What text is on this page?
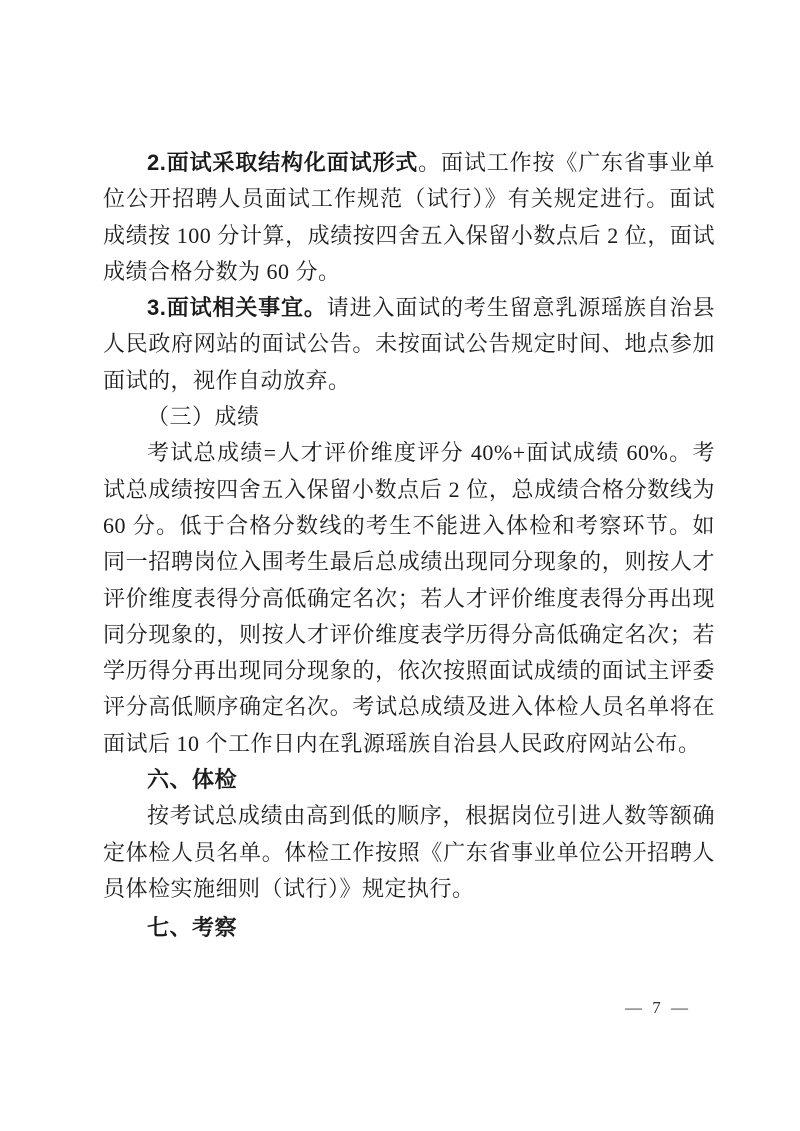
2.面试采取结构化面试形式。面试工作按《广东省事业单位公开招聘人员面试工作规范（试行）》有关规定进行。面试成绩按 100 分计算，成绩按四舍五入保留小数点后 2 位，面试成绩合格分数为 60 分。

3.面试相关事宜。请进入面试的考生留意乳源瑶族自治县人民政府网站的面试公告。未按面试公告规定时间、地点参加面试的，视作自动放弃。

（三）成绩

考试总成绩=人才评价维度评分 40%+面试成绩 60%。考试总成绩按四舍五入保留小数点后 2 位，总成绩合格分数线为 60 分。低于合格分数线的考生不能进入体检和考察环节。如同一招聘岗位入围考生最后总成绩出现同分现象的，则按人才评价维度表得分高低确定名次；若人才评价维度表得分再出现同分现象的，则按人才评价维度表学历得分高低确定名次；若学历得分再出现同分现象的，依次按照面试成绩的面试主评委评分高低顺序确定名次。考试总成绩及进入体检人员名单将在面试后 10 个工作日内在乳源瑶族自治县人民政府网站公布。

六、体检

按考试总成绩由高到低的顺序，根据岗位引进人数等额确定体检人员名单。体检工作按照《广东省事业单位公开招聘人员体检实施细则（试行）》规定执行。

七、考察

— 7 —
